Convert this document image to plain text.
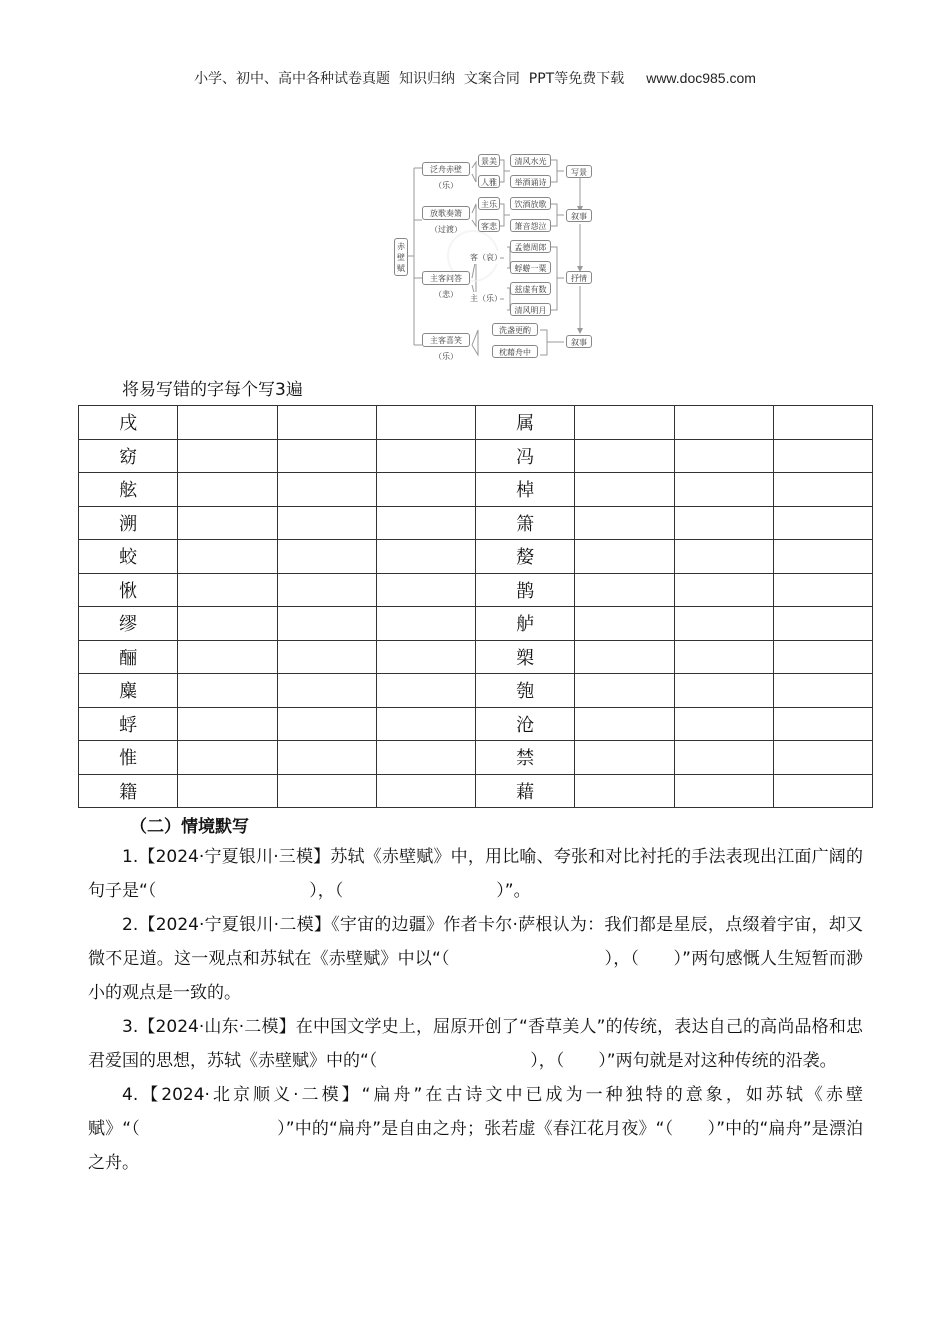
小学、初中、高中各种试卷真题  知识归纳  文案合同  PPT等免费下载 www.doc985.com
赤壁赋
泛舟赤壁
（乐）
放歌奏箫
（过渡）
主客问答
（悲）
主客喜笑
（乐）
景美
人雅
主乐
客悲
客（哀）
主（乐）
清风水光
举酒诵诗
饮酒放歌
箫音怨泣
孟德周郎
蜉蝣一粟
兹虚有数
清风明月
洗盏更酌
枕藉舟中
写景
叙事
抒情
叙事
将易写错的字每个写3遍
戌				属			
窈				冯			
舷				棹			
溯				箫			
蛟				嫠			
愀				鹊			
缪				舻			
酾				槊			
麋				匏			
蜉				沧			
惟				禁			
籍				藉			
（二）情境默写

1.【2024·宁夏银川·三模】苏轼《赤壁赋》中，用比喻、夸张和对比衬托的手法表现出江面广阔的句子是“（　　　　　　　　　），（　　　　　　　　　）”。

2.【2024·宁夏银川·二模】《宇宙的边疆》作者卡尔·萨根认为：我们都是星辰，点缀着宇宙，却又微不足道。这一观点和苏轼在《赤壁赋》中以“（　　　　　　　　　），（　　）”两句感慨人生短暂而渺小的观点是一致的。

3.【2024·山东·二模】在中国文学史上，屈原开创了“香草美人”的传统，表达自己的高尚品格和忠君爱国的思想，苏轼《赤壁赋》中的“（　　　　　　　　　），（　　）”两句就是对这种传统的沿袭。

4.【2024·北京顺义·二模】“扁舟”在古诗文中已成为一种独特的意象，如苏轼《赤壁赋》“（　　　　　　　　）”中的“扁舟”是自由之舟；张若虚《春江花月夜》“（　　）”中的“扁舟”是漂泊之舟。
